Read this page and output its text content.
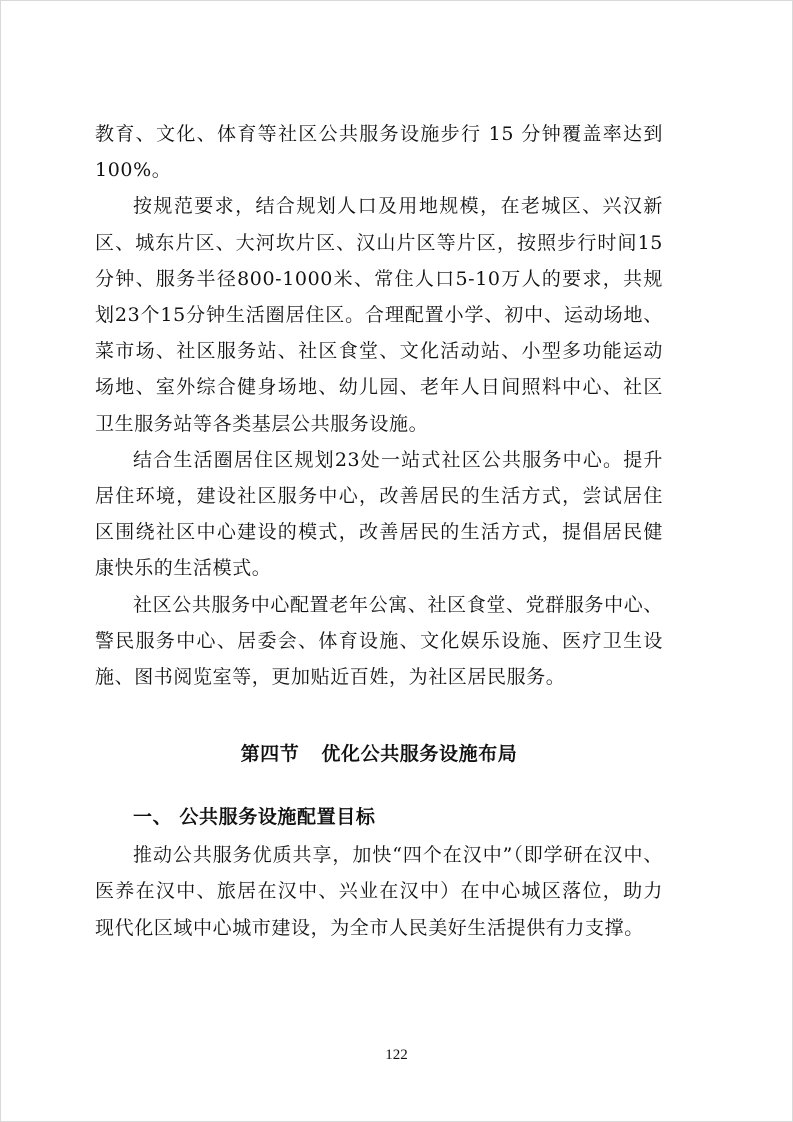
教育、文化、体育等社区公共服务设施步行 15 分钟覆盖率达到100%。

按规范要求，结合规划人口及用地规模，在老城区、兴汉新区、城东片区、大河坎片区、汉山片区等片区，按照步行时间15分钟、服务半径800-1000米、常住人口5-10万人的要求，共规划23个15分钟生活圈居住区。合理配置小学、初中、运动场地、菜市场、社区服务站、社区食堂、文化活动站、小型多功能运动场地、室外综合健身场地、幼儿园、老年人日间照料中心、社区卫生服务站等各类基层公共服务设施。

结合生活圈居住区规划23处一站式社区公共服务中心。提升居住环境，建设社区服务中心，改善居民的生活方式，尝试居住区围绕社区中心建设的模式，改善居民的生活方式，提倡居民健康快乐的生活模式。

社区公共服务中心配置老年公寓、社区食堂、党群服务中心、警民服务中心、居委会、体育设施、文化娱乐设施、医疗卫生设施、图书阅览室等，更加贴近百姓，为社区居民服务。

第四节 优化公共服务设施布局
一、 公共服务设施配置目标

推动公共服务优质共享，加快“四个在汉中”（即学研在汉中、医养在汉中、旅居在汉中、兴业在汉中）在中心城区落位，助力现代化区域中心城市建设，为全市人民美好生活提供有力支撑。

122
